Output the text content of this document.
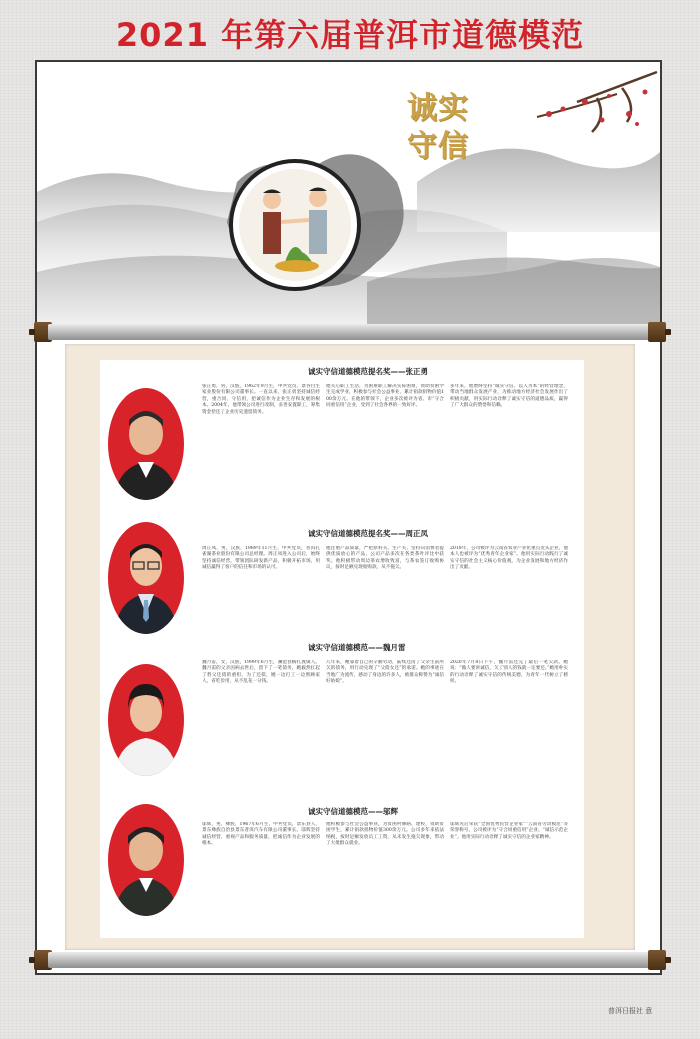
2021 年第六届普洱市道德模范
诚实守信
诚实守信道德模范提名奖——张正勇
张正勇，男，汉族，1962年9月生，中共党员，景谷白生家业股份有限公司董事长。一直以来，张正勇坚持诚信经营，重合同、守信用，把诚信作为企业生存和发展的根本。2004年，他带领公司进行改制，妥善安置职工，筹集资金偿还了企业历史遗留债务。
他关心职工生活，为困难职工解决实际困难，资助贫困学生完成学业，积极参与社会公益事业，累计捐款捐物价值100余万元。在他的带领下，企业多次被评为省、市“守合同重信用”企业，受到了社会各界的一致好评。
多年来，他始终坚持“诚实守信、以人为本”的经营理念，带动当地群众发展产业，为推动地方经济社会发展作出了积极贡献，用实际行动诠释了诚实守信的道德品质，赢得了广大群众的赞誉和信赖。
诚实守信道德模范提名奖——周正凤
周正凤，男，汉族，1989年11月生，中共党员，普洱孔雀湖茶业股份有限公司总经理。周正凤进入公司后，始终坚持诚信经营，带领团队研发新产品，积极开拓市场，用诚信赢得了客户的信任和市场的认可。
他注重产品质量，严把原料关、生产关，坚持向消费者提供优质放心的产品，公司产品多次在各类茶叶评比中获奖。他积极带动周边茶农增收致富，与茶农签订收购协议，按时足额兑现收购款，从不拖欠。
2018年，公司被评为云南省农业产业化重点龙头企业，他本人也被评为“优秀青年企业家”。他用实际行动践行了诚实守信的社会主义核心价值观，为企业发展和地方经济作出了贡献。
诚实守信道德模范——魏月雷
魏月雷，女，汉族，1999年6月生，澜沧县糯扎渡镇人。魏月雷的父亲因病去世后，留下了一笔债务，她毅然扛起了替父还债的重担。为了还债，她一边打工一边照顾家人，省吃俭用，从不乱花一分钱。
几年来，她靠着自己的辛勤劳动，陆续还清了父亲生前所欠的债务，用行动兑现了“父债女还”的承诺。她的事迹在当地广为流传，感动了身边的许多人，被群众称赞为“诚信好姑娘”。
2020年7月8日下午，魏月雷还完了最后一笔欠款。她说：“做人要讲诚信，欠了别人的钱就一定要还。”她用朴实的行动诠释了诚实守信的传统美德，为青年一代树立了榜样。
诚实守信道德模范——邬辉
邬辉，男，彝族，1967年6月生，中共党员，景东县人，景东彝族自治县景东普洱汽车有限公司董事长。邬辉坚持诚信经营，重视产品和服务质量，把诚信作为企业发展的根本。
他积极参与社会公益事业，为贫困村修路、建校，资助贫困学生，累计捐款捐物价值300余万元。公司多年来依法纳税，按时足额发放员工工资，从未发生拖欠现象，带动了大批群众就业。
邬辉先后荣获“全国优秀民营企业家”“云南省劳动模范”等荣誉称号，公司被评为“守合同重信用”企业、“诚信示范企业”。他用实际行动诠释了诚实守信的企业家精神。
普洱日报社 意
